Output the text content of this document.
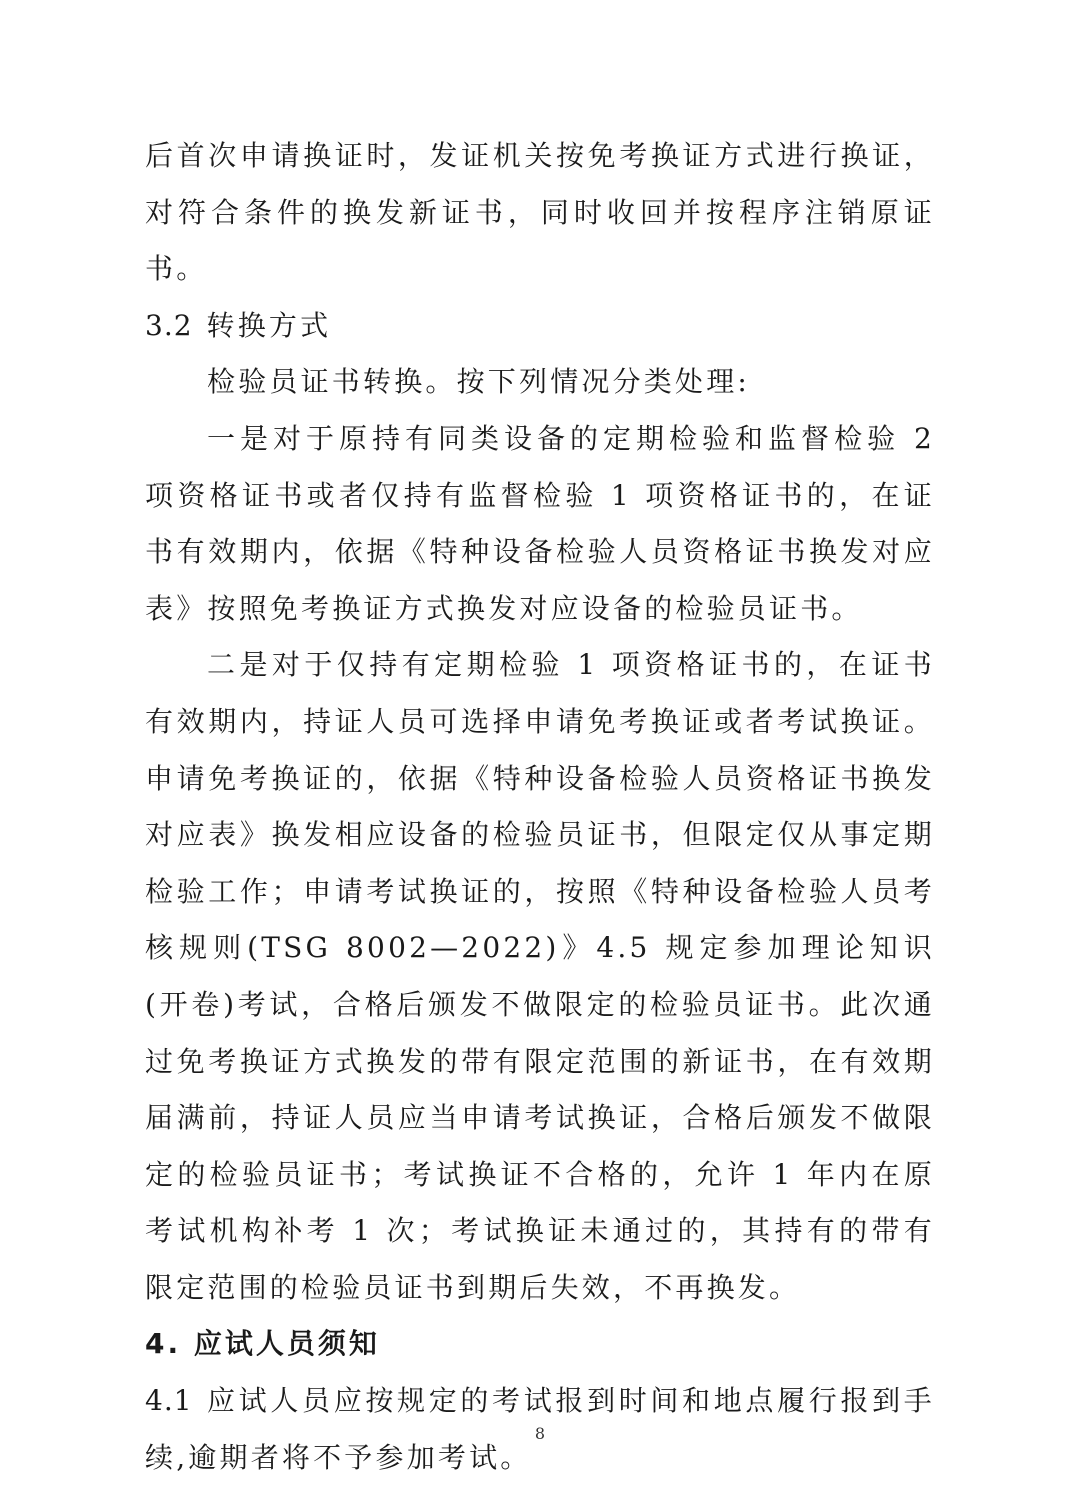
后首次申请换证时，发证机关按免考换证方式进行换证，对符合条件的换发新证书，同时收回并按程序注销原证书。

3.2 转换方式

检验员证书转换。按下列情况分类处理:

一是对于原持有同类设备的定期检验和监督检验 2 项资格证书或者仅持有监督检验 1 项资格证书的，在证书有效期内，依据《特种设备检验人员资格证书换发对应表》按照免考换证方式换发对应设备的检验员证书。

二是对于仅持有定期检验 1 项资格证书的，在证书有效期内，持证人员可选择申请免考换证或者考试换证。申请免考换证的，依据《特种设备检验人员资格证书换发对应表》换发相应设备的检验员证书，但限定仅从事定期检验工作；申请考试换证的，按照《特种设备检验人员考核规则(TSG 8002—2022)》4.5 规定参加理论知识(开卷)考试，合格后颁发不做限定的检验员证书。此次通过免考换证方式换发的带有限定范围的新证书，在有效期届满前，持证人员应当申请考试换证，合格后颁发不做限定的检验员证书；考试换证不合格的，允许 1 年内在原考试机构补考 1 次；考试换证未通过的，其持有的带有限定范围的检验员证书到期后失效，不再换发。

4. 应试人员须知

4.1 应试人员应按规定的考试报到时间和地点履行报到手续,逾期者将不予参加考试。

8
